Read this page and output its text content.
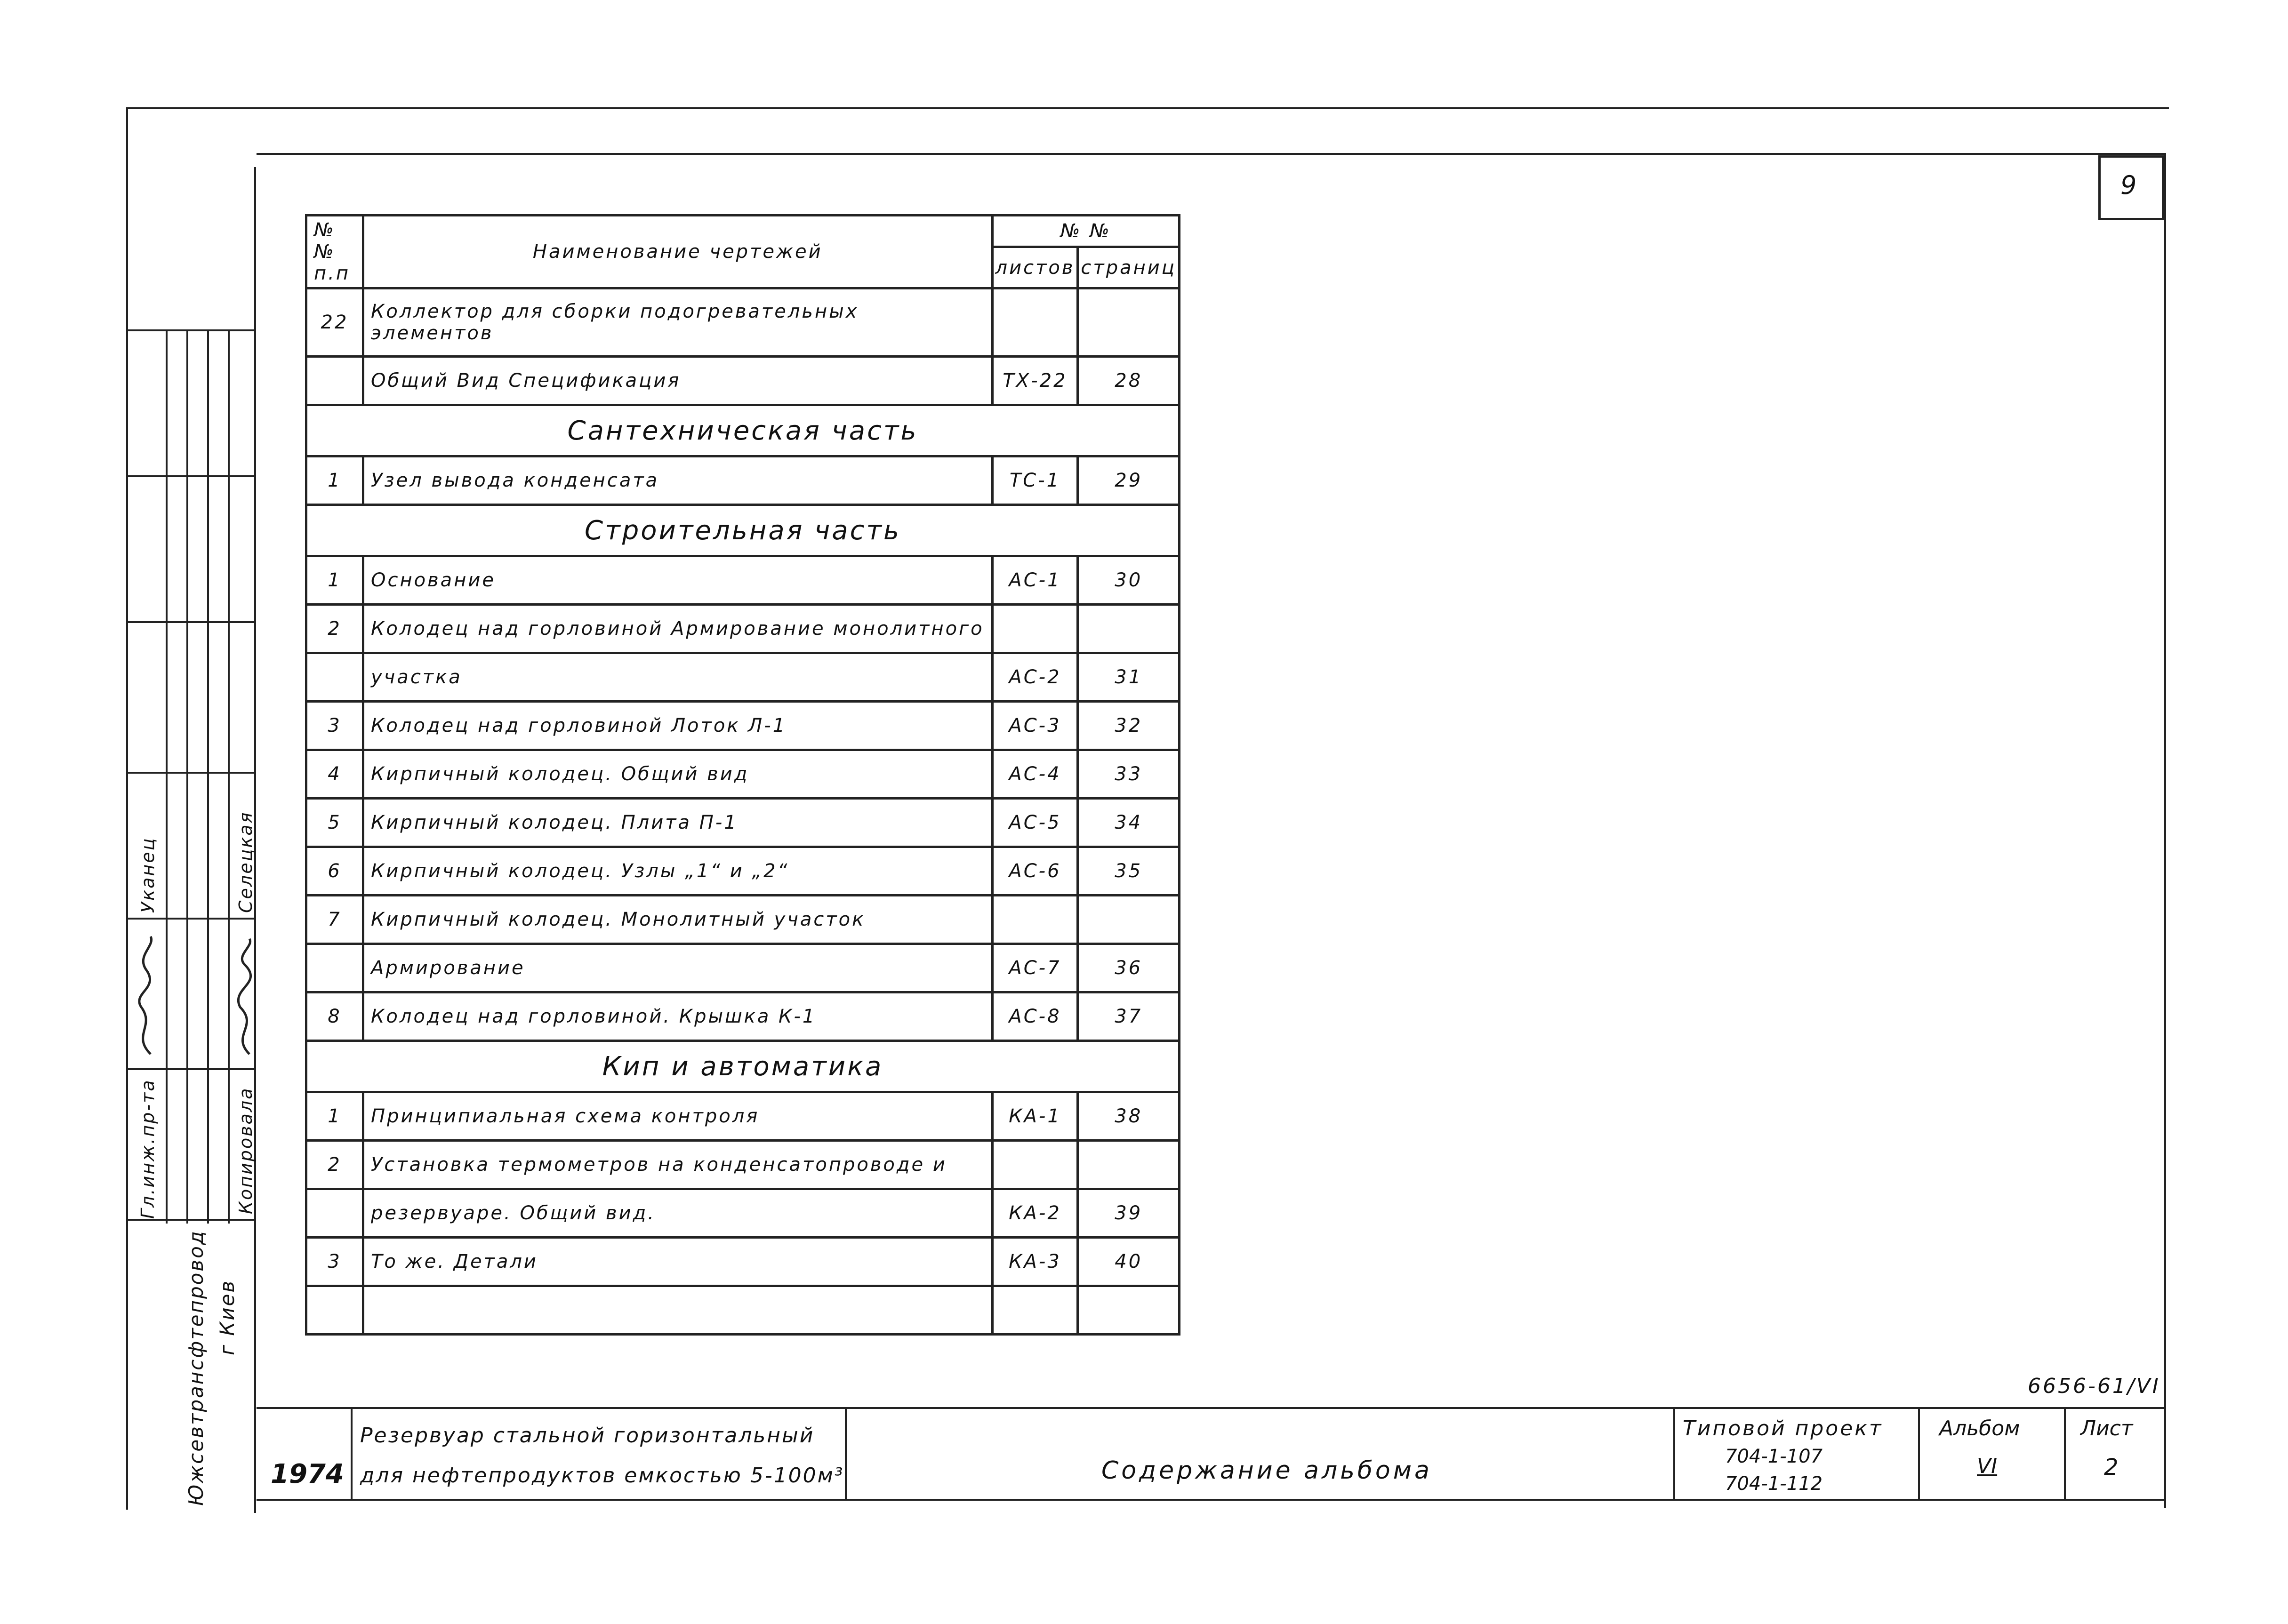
9
Гл.инж.пр-та
Уканец
Копировала
Селецкая
Южсевтрансфтепровод г Киев
№№ п.п	Наименование чертежей	№ №	
		листов	страниц
22	Коллектор для сборки подогревательных элементов		
	Общий Вид Спецификация	ТХ-22	28
Сантехническая часть			
1	Узел вывода конденсата	ТС-1	29
Строительная часть			
1	Основание	АС-1	30
2	Колодец над горловиной Армирование монолитного		
	участка	АС-2	31
3	Колодец над горловиной Лоток Л-1	АС-3	32
4	Кирпичный колодец. Общий вид	АС-4	33
5	Кирпичный колодец. Плита П-1	АС-5	34
6	Кирпичный колодец. Узлы „1“ и „2“	АС-6	35
7	Кирпичный колодец. Монолитный участок		
	Армирование	АС-7	36
8	Колодец над горловиной. Крышка К-1	АС-8	37
Кип и автоматика			
1	Принципиальная схема контроля	КА-1	38
2	Установка термометров на конденсатопроводе и		
	резервуаре. Общий вид.	КА-2	39
3	То же. Детали	КА-3	40

6656-61/VI
1974
Резервуар стальной горизонтальный
для нефтепродуктов емкостью 5-100м³	Содержание альбома
Типовой проект
704-1-107
704-1-112
Альбом
VI
Лист
2
